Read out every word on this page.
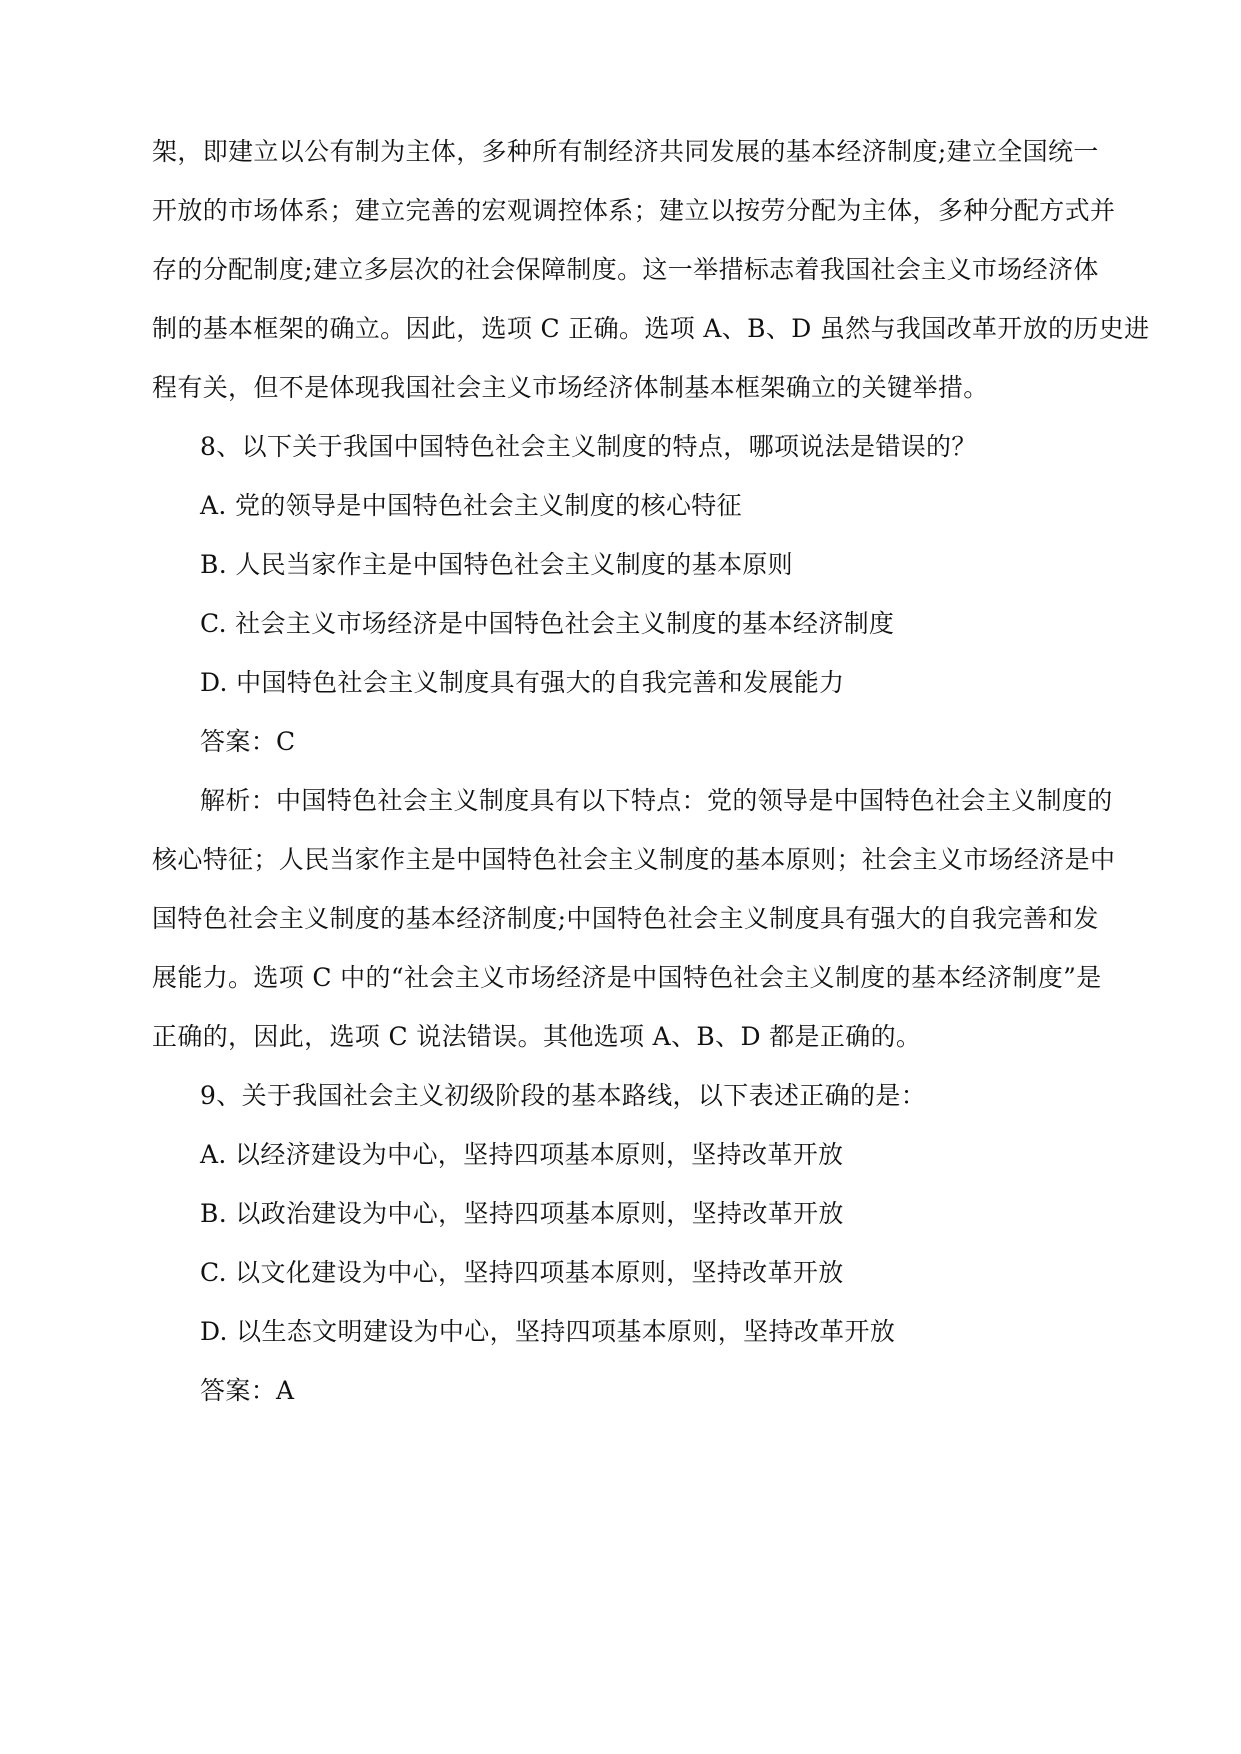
架，即建立以公有制为主体，多种所有制经济共同发展的基本经济制度;建立全国统一
开放的市场体系；建立完善的宏观调控体系；建立以按劳分配为主体，多种分配方式并
存的分配制度;建立多层次的社会保障制度。这一举措标志着我国社会主义市场经济体
制的基本框架的确立。因此，选项 C 正确。选项 A、B、D 虽然与我国改革开放的历史进
程有关，但不是体现我国社会主义市场经济体制基本框架确立的关键举措。
8、以下关于我国中国特色社会主义制度的特点，哪项说法是错误的？
A. 党的领导是中国特色社会主义制度的核心特征
B. 人民当家作主是中国特色社会主义制度的基本原则
C. 社会主义市场经济是中国特色社会主义制度的基本经济制度
D. 中国特色社会主义制度具有强大的自我完善和发展能力
答案：C
解析：中国特色社会主义制度具有以下特点：党的领导是中国特色社会主义制度的
核心特征；人民当家作主是中国特色社会主义制度的基本原则；社会主义市场经济是中
国特色社会主义制度的基本经济制度;中国特色社会主义制度具有强大的自我完善和发
展能力。选项 C 中的“社会主义市场经济是中国特色社会主义制度的基本经济制度”是
正确的，因此，选项 C 说法错误。其他选项 A、B、D 都是正确的。
9、关于我国社会主义初级阶段的基本路线，以下表述正确的是：
A. 以经济建设为中心，坚持四项基本原则，坚持改革开放
B. 以政治建设为中心，坚持四项基本原则，坚持改革开放
C. 以文化建设为中心，坚持四项基本原则，坚持改革开放
D. 以生态文明建设为中心，坚持四项基本原则，坚持改革开放
答案：A
